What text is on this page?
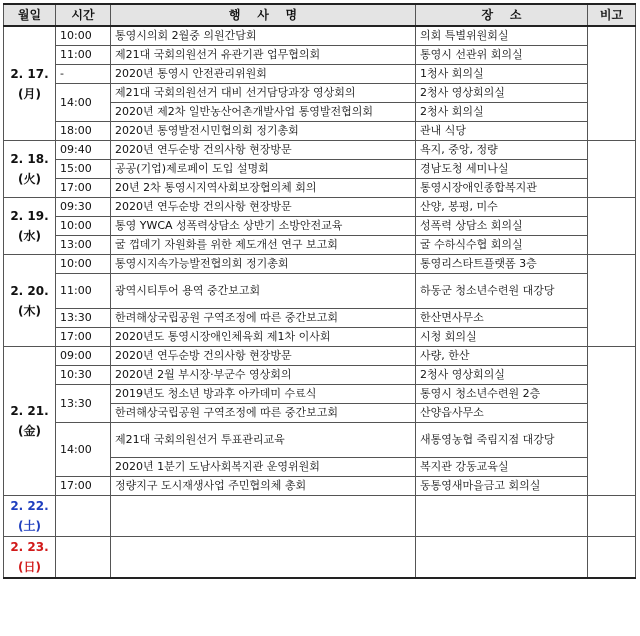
월일	시간	행    사    명	장    소	비고

2. 17.
(月)	10:00	통영시의회 2월중 의원간담회	의회 특별위원회실	
	11:00	제21대 국회의원선거 유관기관 업무협의회	통영시 선관위 회의실	
	-	2020년 통영시 안전관리위원회	1청사 회의실	
	14:00	제21대 국회의원선거 대비 선거담당과장 영상회의	2청사 영상회의실	
		2020년 제2차 일반농산어촌개발사업 통영발전협의회	2청사 회의실	
	18:00	2020년 통영발전시민협의회 정기총회	관내 식당	

2. 18.
(火)	09:40	2020년 연두순방 건의사항 현장방문	욕지, 중앙, 정량	
	15:00	공공(기업)제로페이 도입 설명회	경남도청 세미나실	
	17:00	20년 2차 통영시지역사회보장협의체 회의	통영시장애인종합복지관	

2. 19.
(水)	09:30	2020년 연두순방 건의사항 현장방문	산양, 봉평, 미수	
	10:00	통영 YWCA 성폭력상담소 상반기 소방안전교육	성폭력 상담소 회의실	
	13:00	굴 껍데기 자원화를 위한 제도개선 연구 보고회	굴 수하식수협 회의실	

2. 20.
(木)	10:00	통영시지속가능발전협의회 정기총회	통영리스타트플랫폼 3층	
	11:00	광역시티투어 용역 중간보고회	하동군 청소년수련원 대강당	
	13:30	한려해상국립공원 구역조정에 따른 중간보고회	한산면사무소	
	17:00	2020년도 통영시장애인체육회 제1차 이사회	시청 회의실	

2. 21.
(金)	09:00	2020년 연두순방 건의사항 현장방문	사량, 한산	
	10:30	2020년 2월 부시장·부군수 영상회의	2청사 영상회의실	
	13:30	2019년도 청소년 방과후 아카데미 수료식	통영시 청소년수련원 2층	
		한려해상국립공원 구역조정에 따른 중간보고회	산양읍사무소	
	14:00	제21대 국회의원선거 투표관리교육	새통영농협 죽림지점 대강당	
		2020년 1분기 도남사회복지관 운영위원회	복지관 강동교육실	
	17:00	정량지구 도시재생사업 주민협의체 총회	동통영새마을금고 회의실	

2. 22.
(土)				

2. 23.
(日)				
